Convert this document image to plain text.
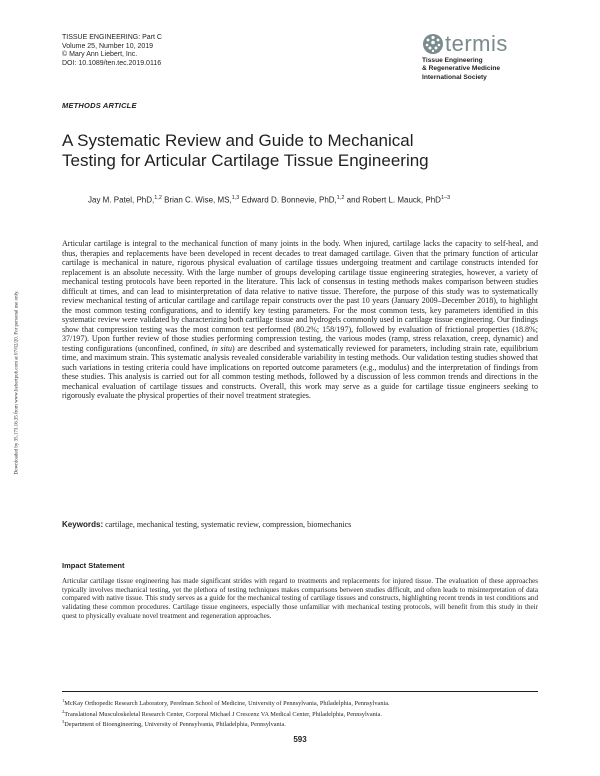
TISSUE ENGINEERING: Part C
Volume 25, Number 10, 2019
© Mary Ann Liebert, Inc.
DOI: 10.1089/ten.tec.2019.0116
termis
Tissue Engineering
& Regenerative Medicine
International Society
METHODS ARTICLE
A Systematic Review and Guide to Mechanical
Testing for Articular Cartilage Tissue Engineering
Jay M. Patel, PhD,$^{1,2}$ Brian C. Wise, MS,$^{1,3}$ Edward D. Bonnevie, PhD,$^{1,2}$ and Robert L. Mauck, PhD$^{1-3}$
Downloaded by 35.173.16.35 from www.liebertpub.com at 07/02/20. For personal use only.

Articular cartilage is integral to the mechanical function of many joints in the body. When injured, cartilage lacks the capacity to self-heal, and thus, therapies and replacements have been developed in recent decades to treat damaged cartilage. Given that the primary function of articular cartilage is mechanical in nature, rigorous physical evaluation of cartilage tissues undergoing treatment and cartilage constructs intended for replacement is an absolute necessity. With the large number of groups developing cartilage tissue engineering strategies, however, a variety of mechanical testing protocols have been reported in the literature. This lack of consensus in testing methods makes comparison between studies difficult at times, and can lead to misinterpretation of data relative to native tissue. Therefore, the purpose of this study was to systematically review mechanical testing of articular cartilage and cartilage repair constructs over the past 10 years (January 2009–December 2018), to highlight the most common testing configurations, and to identify key testing parameters. For the most common tests, key parameters identified in this systematic review were validated by characterizing both cartilage tissue and hydrogels commonly used in cartilage tissue engineering. Our findings show that compression testing was the most common test performed (80.2%; 158/197), followed by evaluation of frictional properties (18.8%; 37/197). Upon further review of those studies performing compression testing, the various modes (ramp, stress relaxation, creep, dynamic) and testing configurations (unconfined, confined, in situ) are described and systematically reviewed for parameters, including strain rate, equilibrium time, and maximum strain. This systematic analysis revealed considerable variability in testing methods. Our validation testing studies showed that such variations in testing criteria could have implications on reported outcome parameters (e.g., modulus) and the interpretation of findings from these studies. This analysis is carried out for all common testing methods, followed by a discussion of less common trends and directions in the mechanical evaluation of cartilage tissues and constructs. Overall, this work may serve as a guide for cartilage tissue engineers seeking to rigorously evaluate the physical properties of their novel treatment strategies.

Keywords: cartilage, mechanical testing, systematic review, compression, biomechanics
Impact Statement

Articular cartilage tissue engineering has made significant strides with regard to treatments and replacements for injured tissue. The evaluation of these approaches typically involves mechanical testing, yet the plethora of testing techniques makes comparisons between studies difficult, and often leads to misinterpretation of data compared with native tissue. This study serves as a guide for the mechanical testing of cartilage tissues and constructs, highlighting recent trends in test conditions and validating these common procedures. Cartilage tissue engineers, especially those unfamiliar with mechanical testing protocols, will benefit from this study in their quest to physically evaluate novel treatment and regeneration approaches.

$^1$McKay Orthopedic Research Laboratory, Perelman School of Medicine, University of Pennsylvania, Philadelphia, Pennsylvania.
$^2$Translational Musculoskeletal Research Center, Corporal Michael J Crescenz VA Medical Center, Philadelphia, Pennsylvania.
$^3$Department of Bioengineering, University of Pennsylvania, Philadelphia, Pennsylvania.
593
